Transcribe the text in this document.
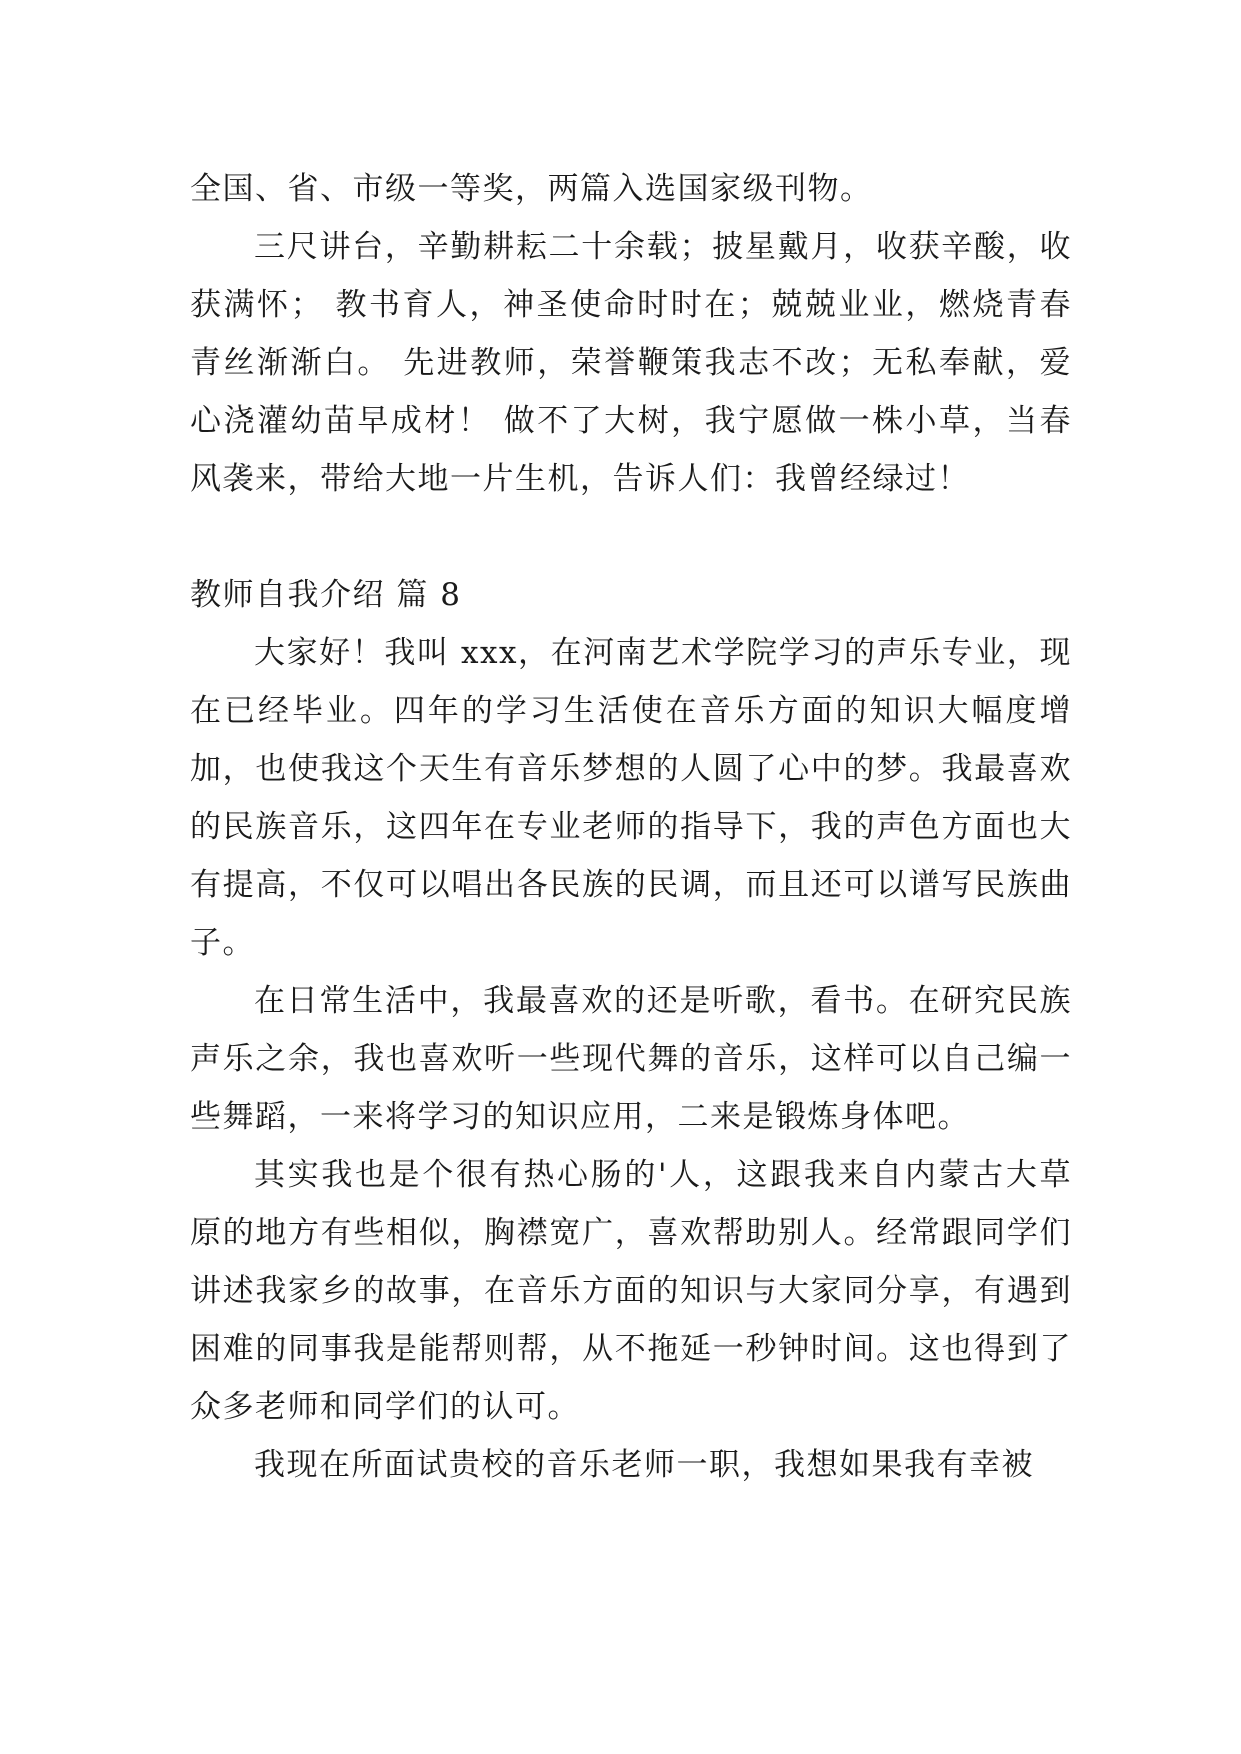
全国、省、市级一等奖，两篇入选国家级刊物。

三尺讲台，辛勤耕耘二十余载；披星戴月，收获辛酸，收获满怀； 教书育人，神圣使命时时在；兢兢业业，燃烧青春青丝渐渐白。 先进教师，荣誉鞭策我志不改；无私奉献，爱心浇灌幼苗早成材！ 做不了大树，我宁愿做一株小草，当春风袭来，带给大地一片生机，告诉人们：我曾经绿过！

教师自我介绍 篇 8

大家好！我叫 xxx，在河南艺术学院学习的声乐专业，现在已经毕业。四年的学习生活使在音乐方面的知识大幅度增加，也使我这个天生有音乐梦想的人圆了心中的梦。我最喜欢的民族音乐，这四年在专业老师的指导下，我的声色方面也大有提高，不仅可以唱出各民族的民调，而且还可以谱写民族曲子。

在日常生活中，我最喜欢的还是听歌，看书。在研究民族声乐之余，我也喜欢听一些现代舞的音乐，这样可以自己编一些舞蹈，一来将学习的知识应用，二来是锻炼身体吧。

其实我也是个很有热心肠的'人，这跟我来自内蒙古大草原的地方有些相似，胸襟宽广，喜欢帮助别人。经常跟同学们讲述我家乡的故事，在音乐方面的知识与大家同分享，有遇到困难的同事我是能帮则帮，从不拖延一秒钟时间。这也得到了众多老师和同学们的认可。

我现在所面试贵校的音乐老师一职，我想如果我有幸被
